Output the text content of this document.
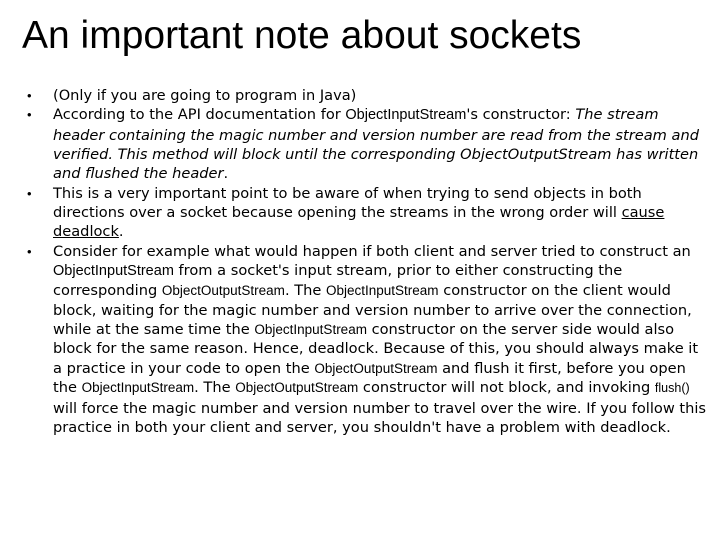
An important note about sockets
• (Only if you are going to program in Java)
• According to the API documentation for ObjectInputStream's constructor: The stream header containing the magic number and version number are read from the stream and verified. This method will block until the corresponding ObjectOutputStream has written and flushed the header.
• This is a very important point to be aware of when trying to send objects in both directions over a socket because opening the streams in the wrong order will cause deadlock.
• Consider for example what would happen if both client and server tried to construct an ObjectInputStream from a socket's input stream, prior to either constructing the corresponding ObjectOutputStream. The ObjectInputStream constructor on the client would block, waiting for the magic number and version number to arrive over the connection, while at the same time the ObjectInputStream constructor on the server side would also block for the same reason. Hence, deadlock. Because of this, you should always make it a practice in your code to open the ObjectOutputStream and flush it first, before you open the ObjectInputStream. The ObjectOutputStream constructor will not block, and invoking flush() will force the magic number and version number to travel over the wire. If you follow this practice in both your client and server, you shouldn't have a problem with deadlock.
